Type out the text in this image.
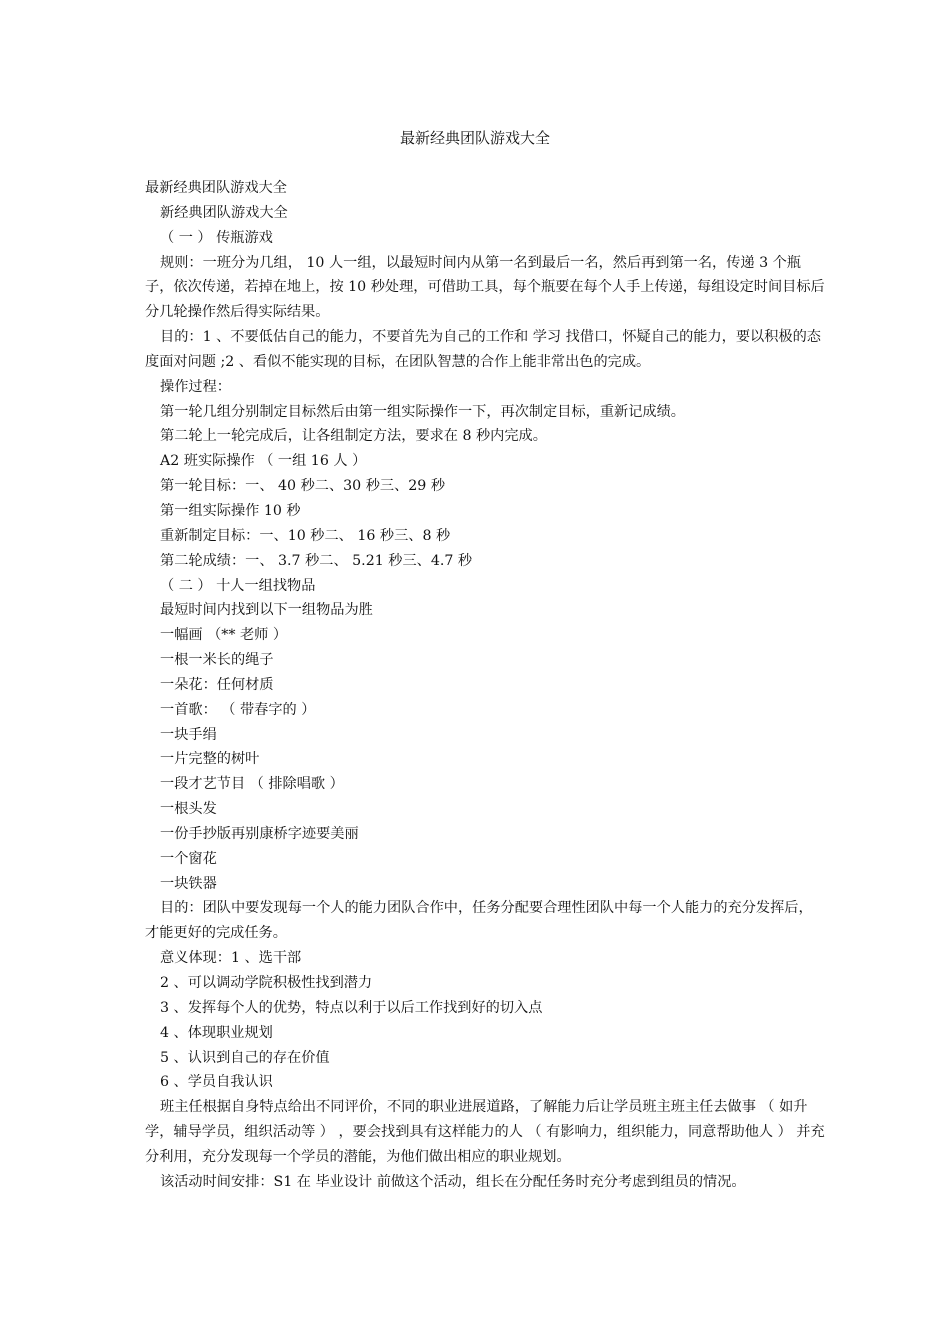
最新经典团队游戏大全

最新经典团队游戏大全

新经典团队游戏大全

（ 一 ） 传瓶游戏

规则：一班分为几组， 10 人一组，以最短时间内从第一名到最后一名，然后再到第一名，传递 3 个瓶子，依次传递，若掉在地上，按 10 秒处理，可借助工具，每个瓶要在每个人手上传递，每组设定时间目标后分几轮操作然后得实际结果。

目的：1 、不要低估自己的能力，不要首先为自己的工作和 学习 找借口，怀疑自己的能力，要以积极的态度面对问题 ;2 、看似不能实现的目标，在团队智慧的合作上能非常出色的完成。

操作过程：

第一轮几组分别制定目标然后由第一组实际操作一下，再次制定目标，重新记成绩。

第二轮上一轮完成后，让各组制定方法，要求在 8 秒内完成。

A2 班实际操作 （ 一组 16 人 ）

第一轮目标：一、 40 秒二、30 秒三、29 秒

第一组实际操作 10 秒

重新制定目标：一、10 秒二、 16 秒三、8 秒

第二轮成绩：一、 3.7 秒二、 5.21 秒三、4.7 秒

（ 二 ） 十人一组找物品

最短时间内找到以下一组物品为胜

一幅画 （** 老师 ）

一根一米长的绳子

一朵花：任何材质

一首歌： （ 带春字的 ）

一块手绢

一片完整的树叶

一段才艺节目 （ 排除唱歌 ）

一根头发

一份手抄版再别康桥字迹要美丽

一个窗花

一块铁器

目的：团队中要发现每一个人的能力团队合作中，任务分配要合理性团队中每一个人能力的充分发挥后，才能更好的完成任务。

意义体现：1 、选干部

2 、可以调动学院积极性找到潜力

3 、发挥每个人的优势，特点以利于以后工作找到好的切入点

4 、体现职业规划

5 、认识到自己的存在价值

6 、学员自我认识

班主任根据自身特点给出不同评价，不同的职业进展道路，了解能力后让学员班主班主任去做事 （ 如升学，辅导学员，组织活动等 ） ，要会找到具有这样能力的人 （ 有影响力，组织能力，同意帮助他人 ） 并充分利用，充分发现每一个学员的潜能，为他们做出相应的职业规划。

该活动时间安排：S1 在 毕业设计 前做这个活动，组长在分配任务时充分考虑到组员的情况。
